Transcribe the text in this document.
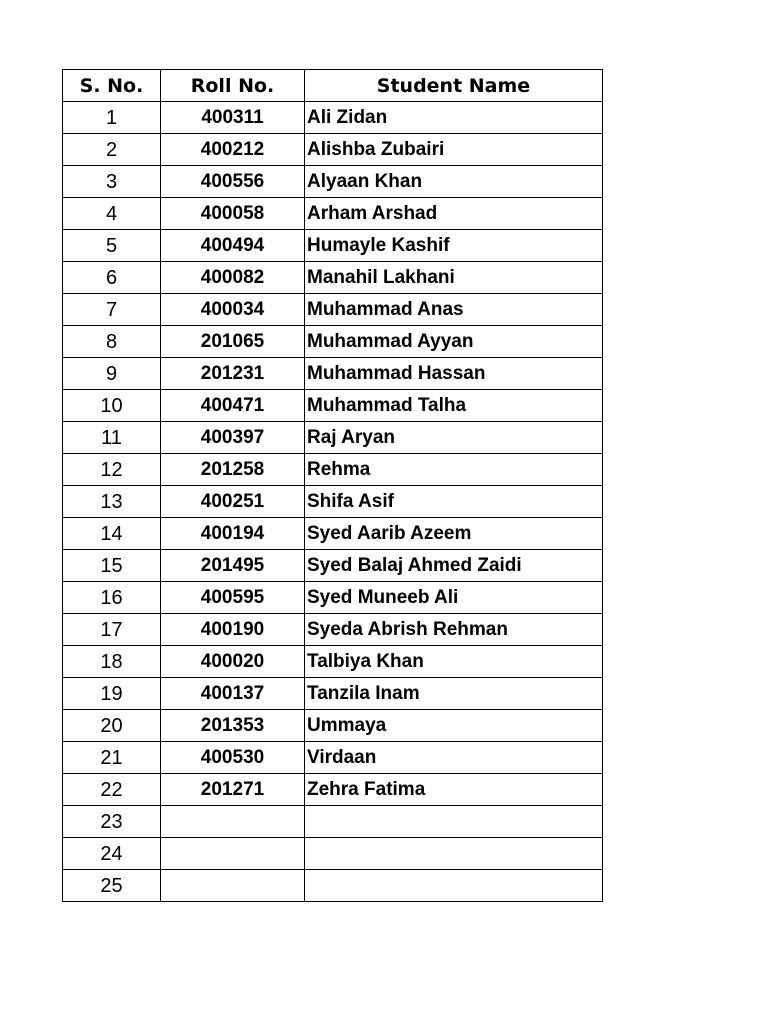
S. No.	Roll No.	Student Name
1	400311	Ali Zidan
2	400212	Alishba Zubairi
3	400556	Alyaan Khan
4	400058	Arham Arshad
5	400494	Humayle Kashif
6	400082	Manahil Lakhani
7	400034	Muhammad Anas
8	201065	Muhammad Ayyan
9	201231	Muhammad Hassan
10	400471	Muhammad Talha
11	400397	Raj Aryan
12	201258	Rehma
13	400251	Shifa Asif
14	400194	Syed Aarib Azeem
15	201495	Syed Balaj Ahmed Zaidi
16	400595	Syed Muneeb Ali
17	400190	Syeda Abrish Rehman
18	400020	Talbiya Khan
19	400137	Tanzila Inam
20	201353	Ummaya
21	400530	Virdaan
22	201271	Zehra Fatima
23		
24		
25		
